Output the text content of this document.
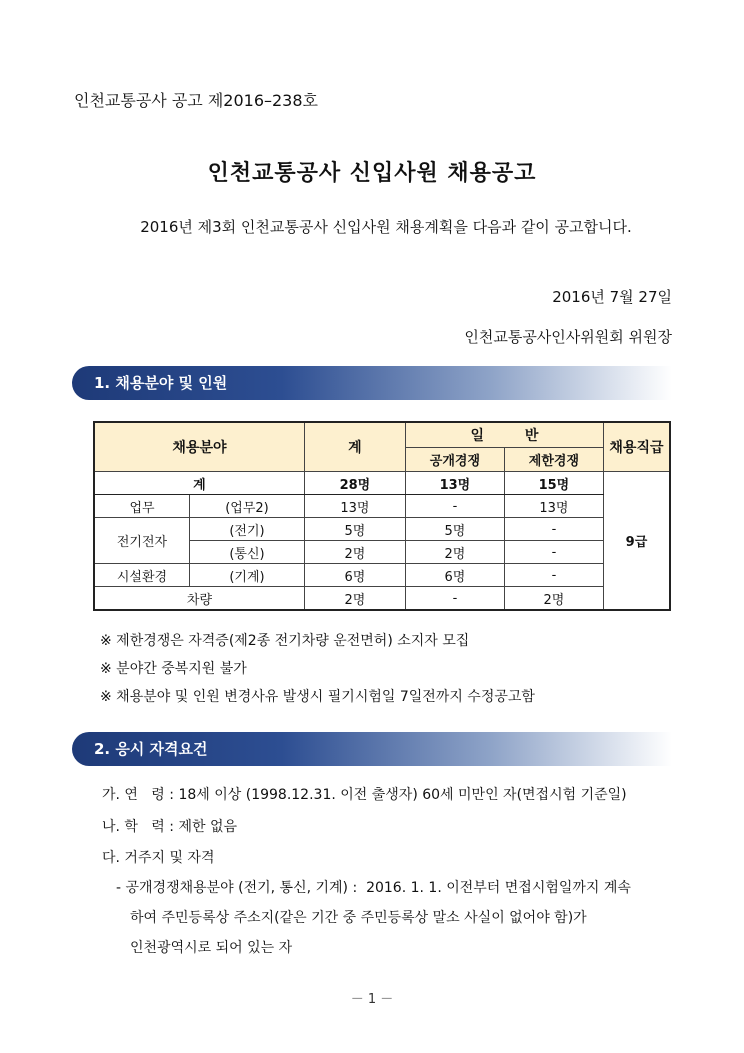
인천교통공사 공고 제2016–238호
인천교통공사 신입사원 채용공고
2016년 제3회 인천교통공사 신입사원 채용계획을 다음과 같이 공고합니다.
2016년 7월 27일
인천교통공사인사위원회 위원장
1. 채용분야 및 인원
채용분야		계	일 반		채용직급
			공개경쟁	제한경쟁	
계		28명	13명	15명	9급
업무	(업무2)	13명	-	13명	
전기전자	(전기)	5명	5명	-	
	(통신)	2명	2명	-	
시설환경	(기계)	6명	6명	-	
차량		2명	-	2명	
※ 제한경쟁은 자격증(제2종 전기차량 운전면허) 소지자 모집
※ 분야간 중복지원 불가
※ 채용분야 및 인원 변경사유 발생시 필기시험일 7일전까지 수정공고함
2. 응시 자격요건
가. 연   령 : 18세 이상 (1998.12.31. 이전 출생자) 60세 미만인 자(면접시험 기준일)
나. 학   력 : 제한 없음
다. 거주지 및 자격
- 공개경쟁채용분야 (전기, 통신, 기계) :  2016. 1. 1. 이전부터 면접시험일까지 계속
하여 주민등록상 주소지(같은 기간 중 주민등록상 말소 사실이 없어야 함)가
인천광역시로 되어 있는 자
－ 1 －
